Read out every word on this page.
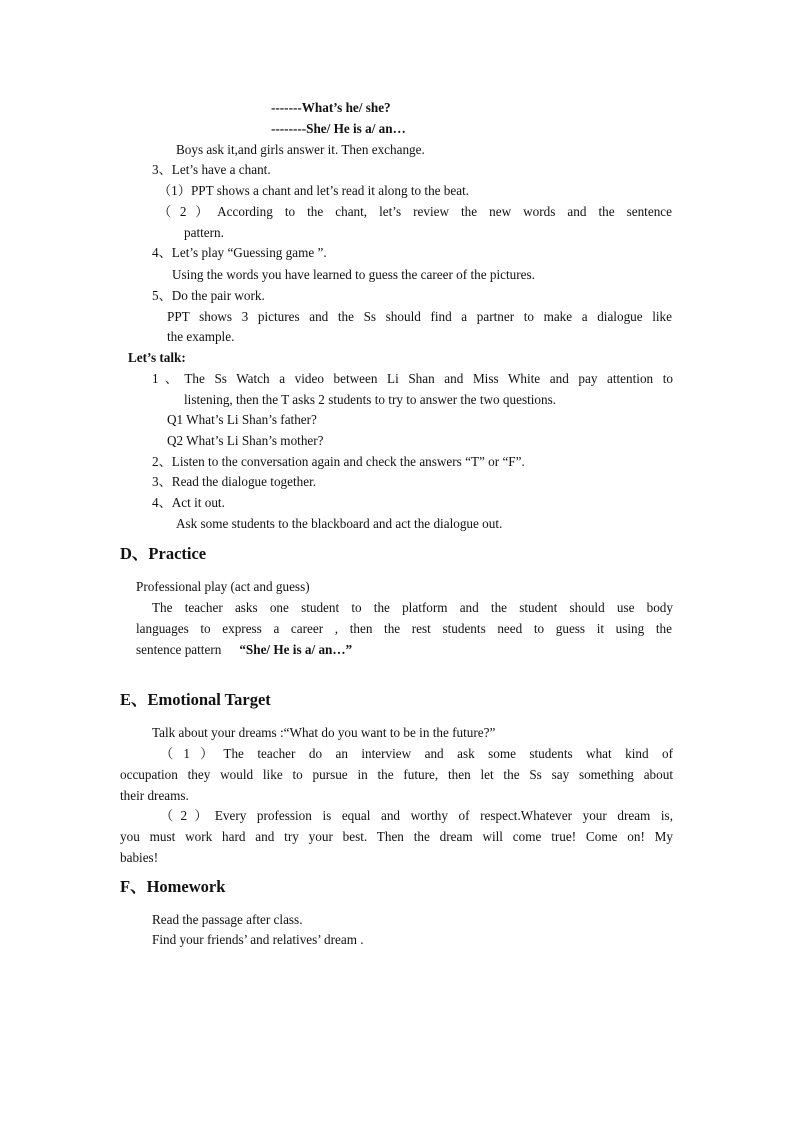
-------What’s he/ she?
--------She/ He is a/ an…
Boys ask it,and girls answer it. Then exchange.
3、Let’s have a chant.
（1）PPT shows a chant and let’s read it along to the beat.
（2）According to the chant, let’s review the new words and the sentence
pattern.
4、Let’s play “Guessing game ”.
Using the words you have learned to guess the career of the pictures.
5、Do the pair work.
PPT shows 3 pictures and the Ss should find a partner to make a dialogue like
the example.
Let’s talk:
1、The Ss Watch a video between Li Shan and Miss White and pay attention to
listening, then the T asks 2 students to try to answer the two questions.
Q1 What’s Li Shan’s father?
Q2 What’s Li Shan’s mother?
2、Listen to the conversation again and check the answers “T” or “F”.
3、Read the dialogue together.
4、Act it out.
Ask some students to the blackboard and act the dialogue out.
D、Practice
Professional play (act and guess)
The teacher asks one student to the platform and the student should use body
languages to express a career , then the rest students need to guess it using the
sentence pattern “She/ He is a/ an…”
E、Emotional Target
Talk about your dreams :“What do you want to be in the future?”
（1）The teacher do an interview and ask some students what kind of
occupation they would like to pursue in the future, then let the Ss say something about
their dreams.
（2）Every profession is equal and worthy of respect.Whatever your dream is,
you must work hard and try your best. Then the dream will come true! Come on! My
babies!
F、Homework
Read the passage after class.
Find your friends’ and relatives’ dream .
